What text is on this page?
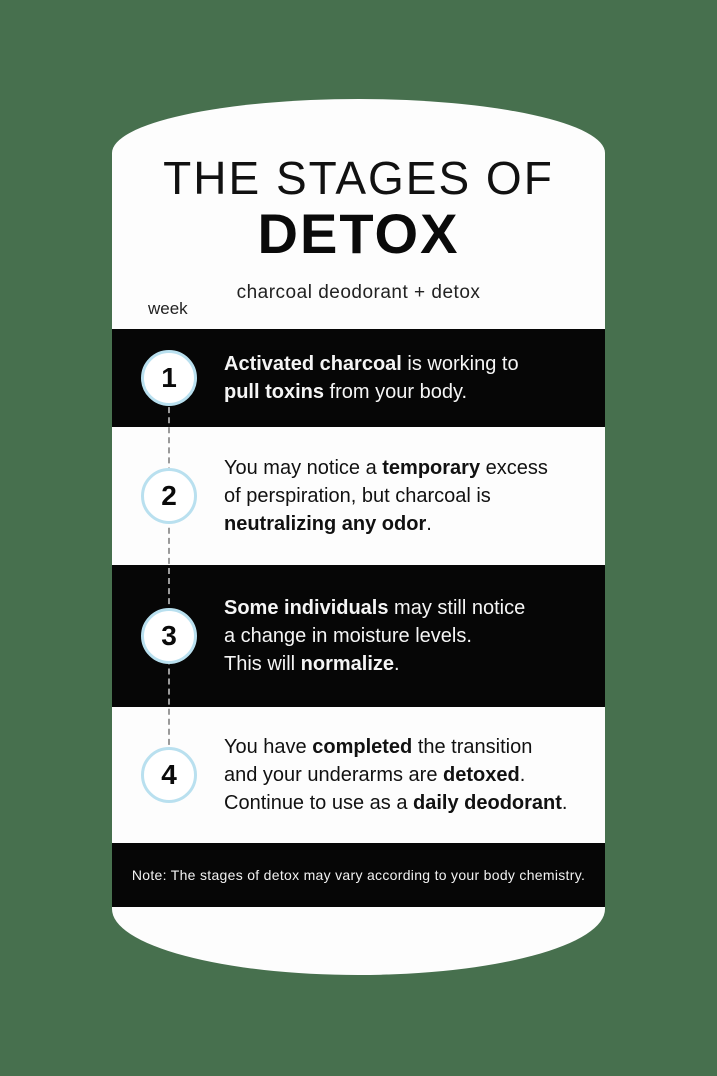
THE STAGES OF
DETOX
charcoal deodorant + detox
week
1	Activated charcoal is working to
pull toxins from your body.
2
You may notice a temporary excess
of perspiration, but charcoal is
neutralizing any odor.
3
Some individuals may still notice
a change in moisture levels.
This will normalize.
4
You have completed the transition
and your underarms are detoxed.
Continue to use as a daily deodorant.
Note: The stages of detox may vary according to your body chemistry.
